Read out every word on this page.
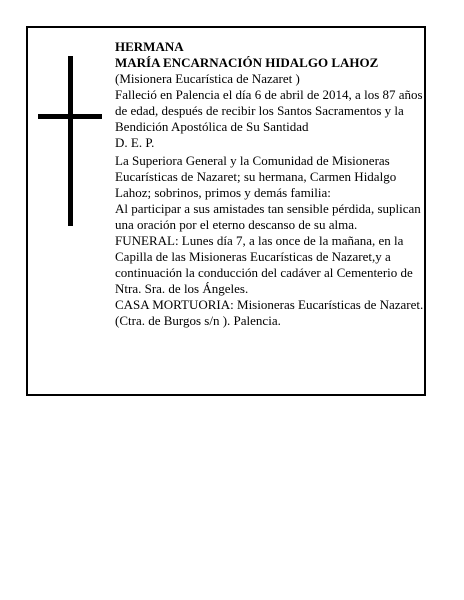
HERMANA

MARÍA ENCARNACIÓN HIDALGO LAHOZ

(Misionera Eucarística de Nazaret )

Falleció en Palencia el día 6 de abril de 2014, a los 87 años de edad, después de recibir los Santos Sacramentos y la Bendición Apostólica de Su Santidad

D. E. P.

La Superiora General y la Comunidad de Misioneras Eucarísticas de Nazaret; su hermana, Carmen Hidalgo Lahoz; sobrinos, primos y demás familia:

Al participar a sus amistades tan sensible pérdida, suplican una oración por el eterno descanso de su alma.

FUNERAL: Lunes día 7, a las once de la mañana, en la Capilla de las Misioneras Eucarísticas de Nazaret,y a continuación la conducción del cadáver al Cementerio de Ntra. Sra. de los Ángeles.

CASA MORTUORIA: Misioneras Eucarísticas de Nazaret. (Ctra. de Burgos s/n ). Palencia.
